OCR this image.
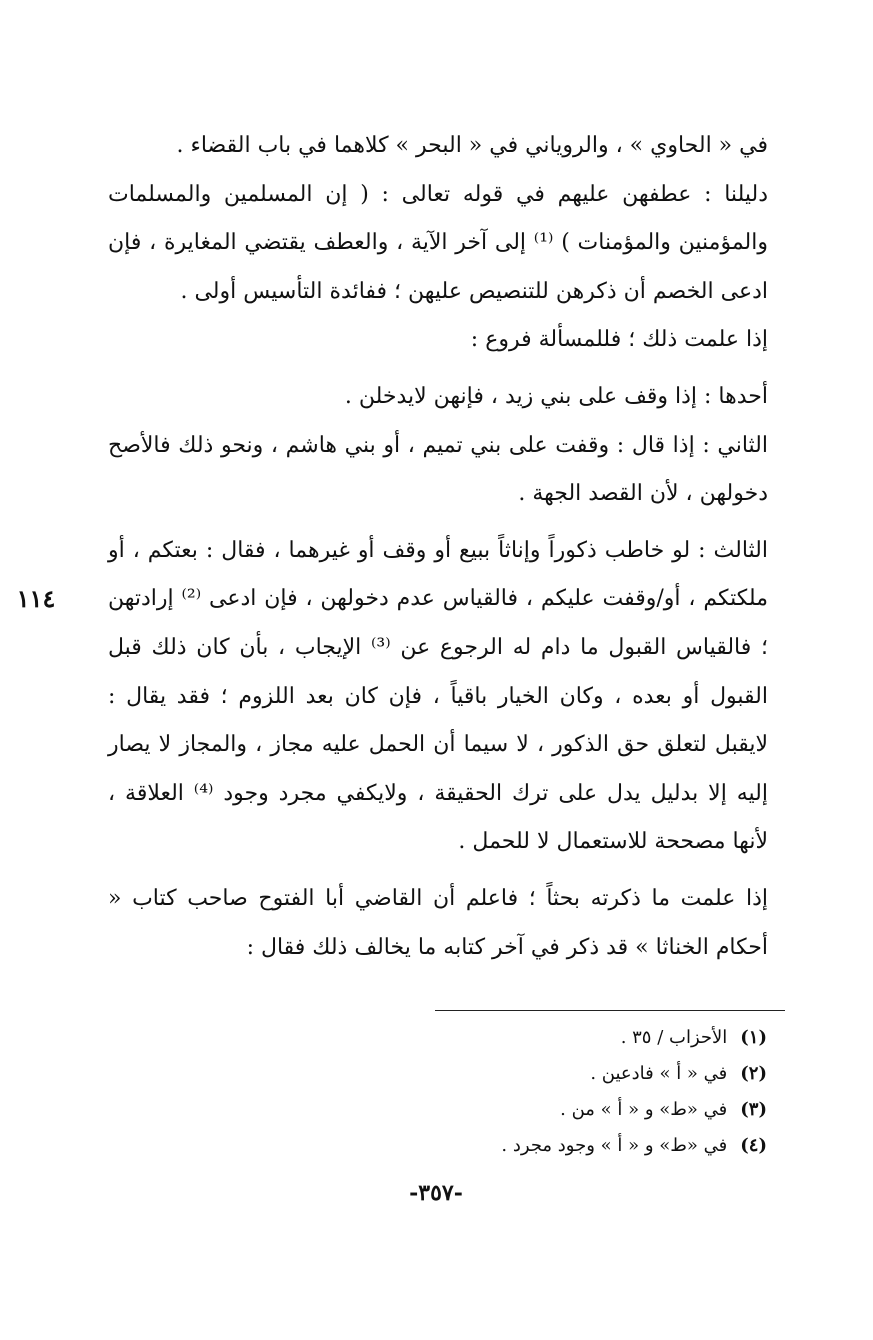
في « الحاوي » ، والروياني في « البحر » كلاهما في باب القضاء .

دليلنا : عطفهن عليهم في قوله تعالى : ( إن المسلمين والمسلمات والمؤمنين والمؤمنات ) ⁽¹⁾ إلى آخر الآية ، والعطف يقتضي المغايرة ، فإن ادعى الخصم أن ذكرهن للتنصيص عليهن ؛ ففائدة التأسيس أولى .

إذا علمت ذلك ؛ فللمسألة فروع :

أحدها : إذا وقف على بني زيد ، فإنهن لايدخلن .

الثاني : إذا قال : وقفت على بني تميم ، أو بني هاشم ، ونحو ذلك فالأصح دخولهن ، لأن القصد الجهة .

الثالث : لو خاطب ذكوراً وإناثاً ببيع أو وقف أو غيرهما ، فقال : بعتكم ، أو ملكتكم ، أو/وقفت عليكم ، فالقياس عدم دخولهن ، فإن ادعى ⁽²⁾ إرادتهن ؛ فالقياس القبول ما دام له الرجوع عن ⁽³⁾ الإيجاب ، بأن كان ذلك قبل القبول أو بعده ، وكان الخيار باقياً ، فإن كان بعد اللزوم ؛ فقد يقال : لايقبل لتعلق حق الذكور ، لا سيما أن الحمل عليه مجاز ، والمجاز لا يصار إليه إلا بدليل يدل على ترك الحقيقة ، ولايكفي مجرد وجود ⁽⁴⁾ العلاقة ، لأنها مصححة للاستعمال لا للحمل .

إذا علمت ما ذكرته بحثاً ؛ فاعلم أن القاضي أبا الفتوح صاحب كتاب « أحكام الخناثا » قد ذكر في آخر كتابه ما يخالف ذلك فقال :

١١٤
(١) الأحزاب / ٣٥ .
(٢) في « أ » فادعين .
(٣) في «ط» و « أ » من .
(٤) في «ط» و « أ » وجود مجرد .
-٣٥٧-
